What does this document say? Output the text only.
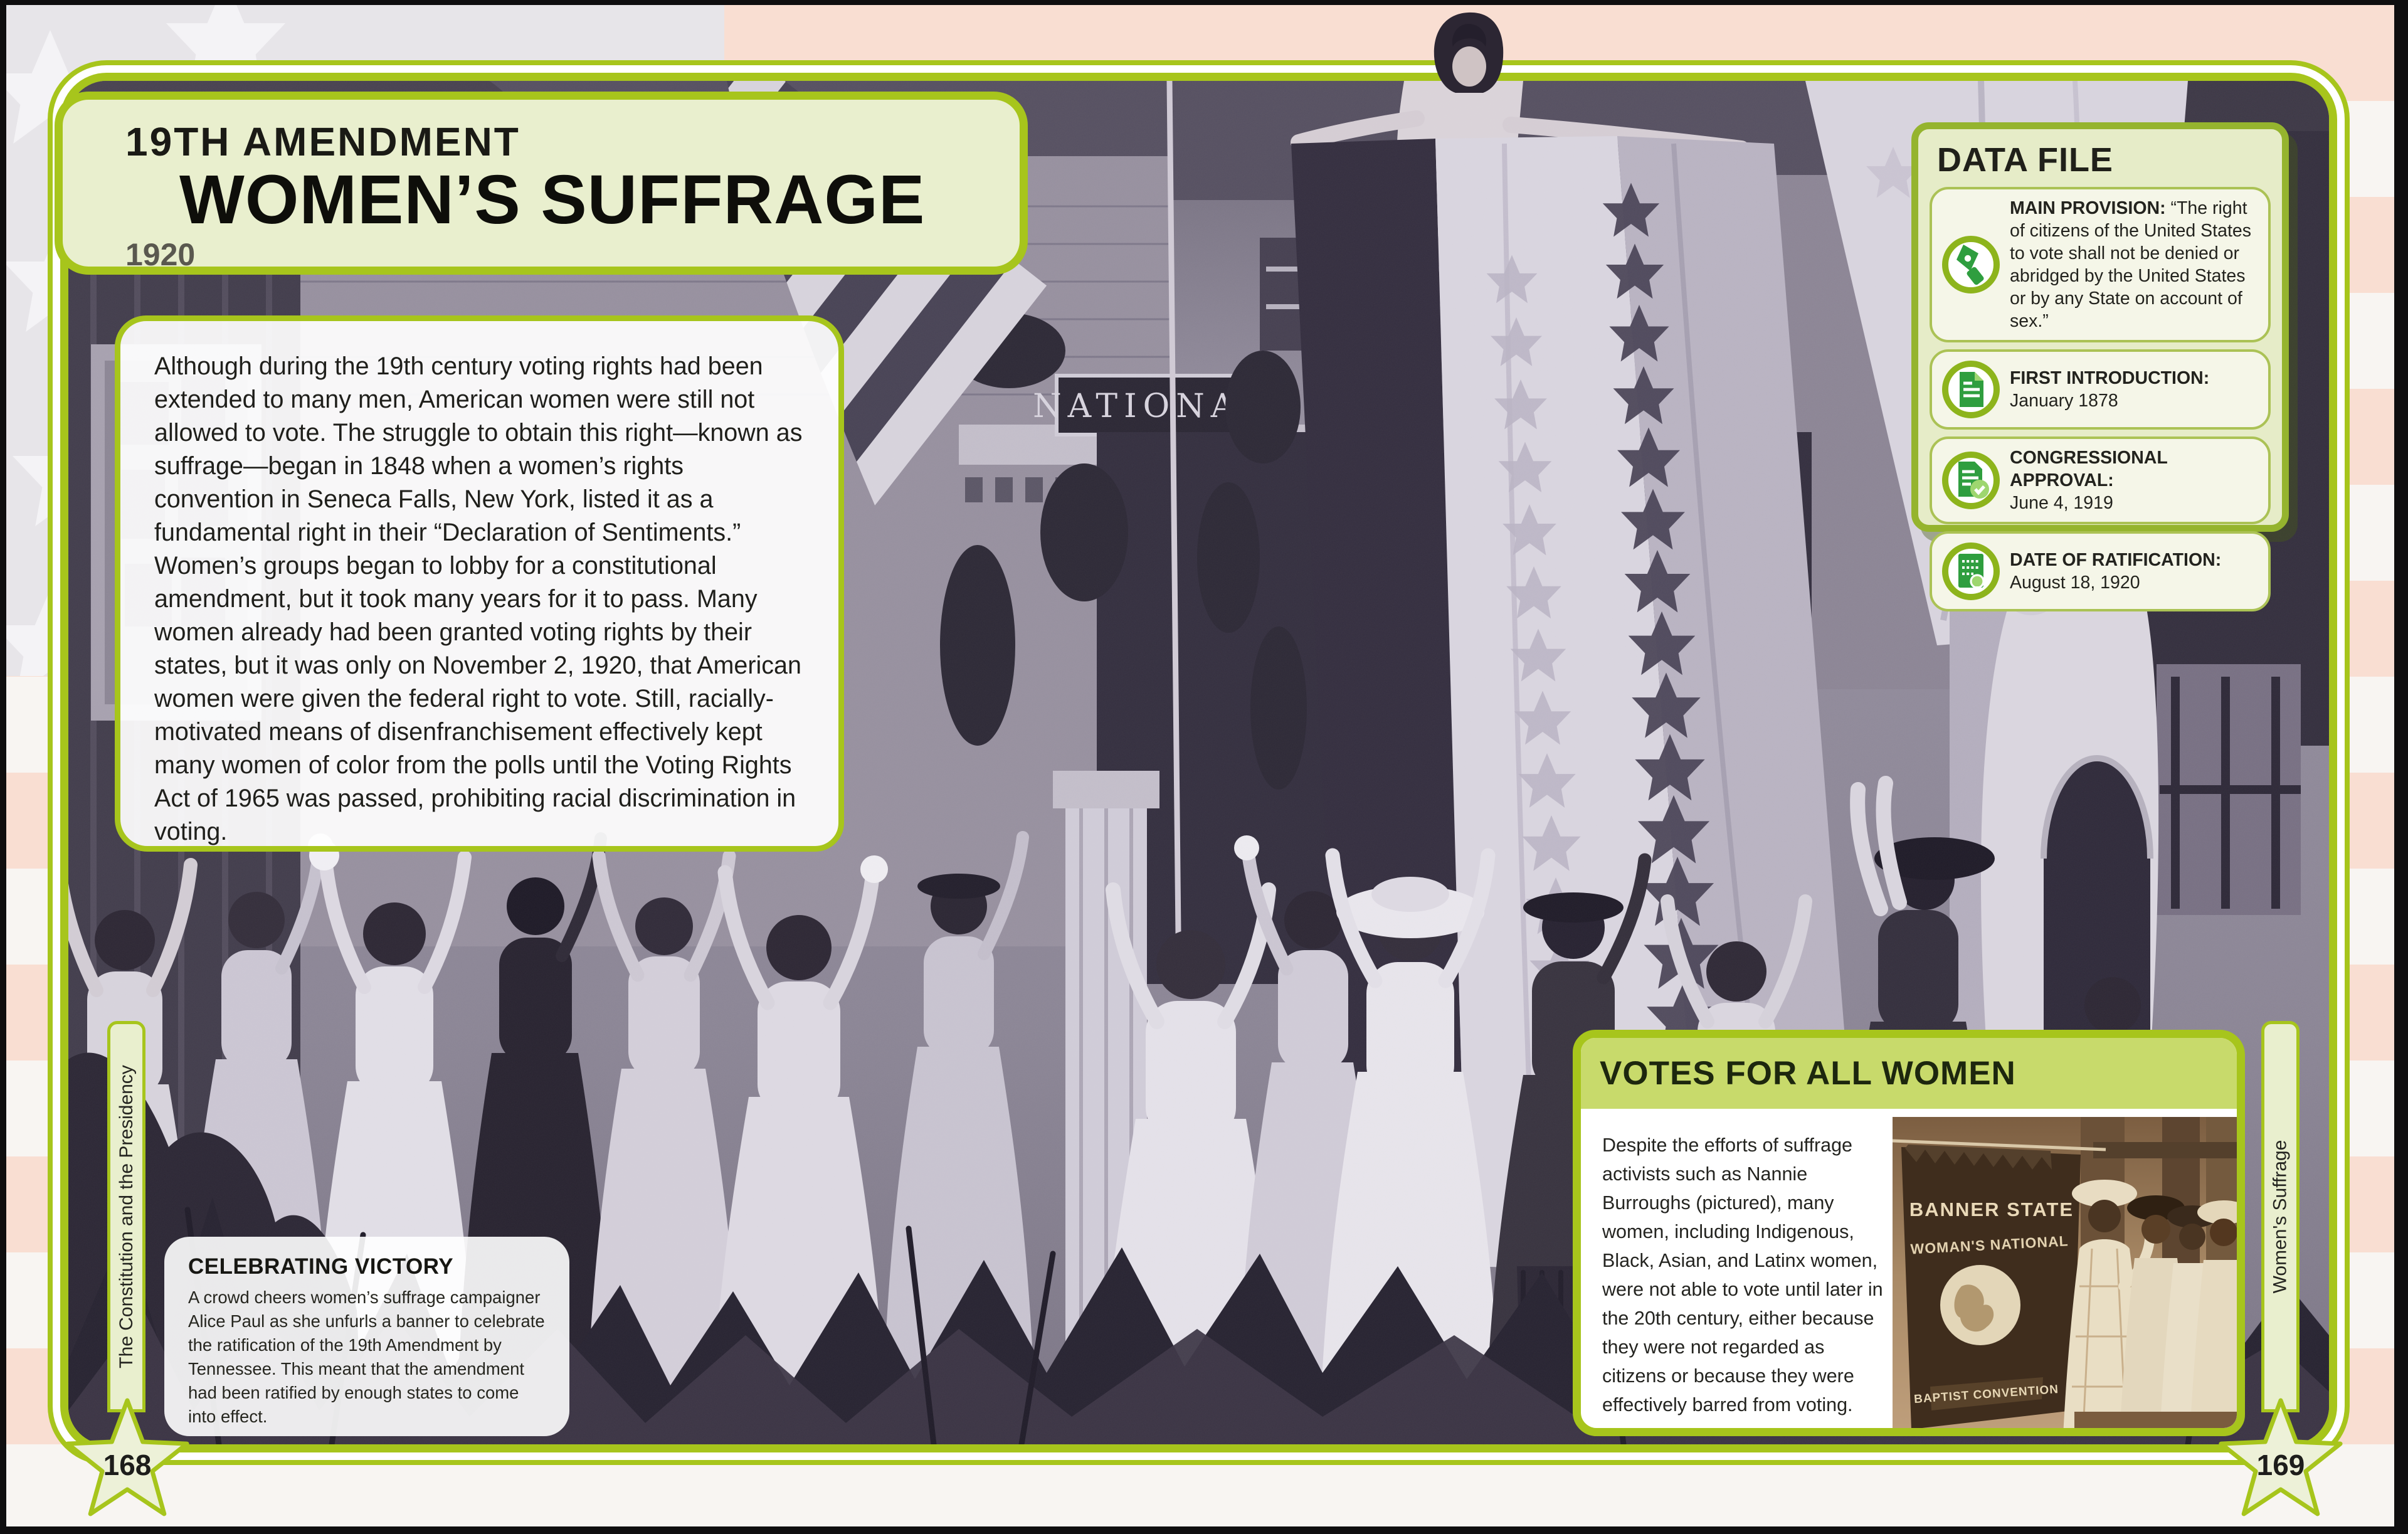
19TH AMENDMENT
WOMEN’S SUFFRAGE
1920

Although during the 19th century voting rights had been extended to many men, American women were still not allowed to vote. The struggle to obtain this right—known as suffrage—began in 1848 when a women’s rights convention in Seneca Falls, New York, listed it as a fundamental right in their “Declaration of Sentiments.” Women’s groups began to lobby for a constitutional amendment, but it took many years for it to pass. Many women already had been granted voting rights by their states, but it was only on November 2, 1920, that American women were given the federal right to vote. Still, racially-motivated means of disenfranchisement effectively kept many women of color from the polls until the Voting Rights Act of 1965 was passed, prohibiting racial discrimination in voting.

DATA FILE
MAIN PROVISION: “The right of citizens of the United States to vote shall not be denied or abridged by the United States or by any State on account of sex.”
FIRST INTRODUCTION:
January 1878
CONGRESSIONAL APPROVAL:
June 4, 1919
DATE OF RATIFICATION:
August 18, 1920
CELEBRATING VICTORY

A crowd cheers women’s suffrage campaigner Alice Paul as she unfurls a banner to celebrate the ratification of the 19th Amendment by Tennessee. This meant that the amendment had been ratified by enough states to come into effect.

VOTES FOR ALL WOMEN

Despite the efforts of suffrage activists such as Nannie Burroughs (pictured), many women, including Indigenous, Black, Asian, and Latinx women, were not able to vote until later in the 20th century, either because they were not regarded as citizens or because they were effectively barred from voting.

BANNER STATE
WOMAN'S NATIONAL
BAPTIST CONVENTION
The Constitution and the Presidency	Women's Suffrage
168	169
